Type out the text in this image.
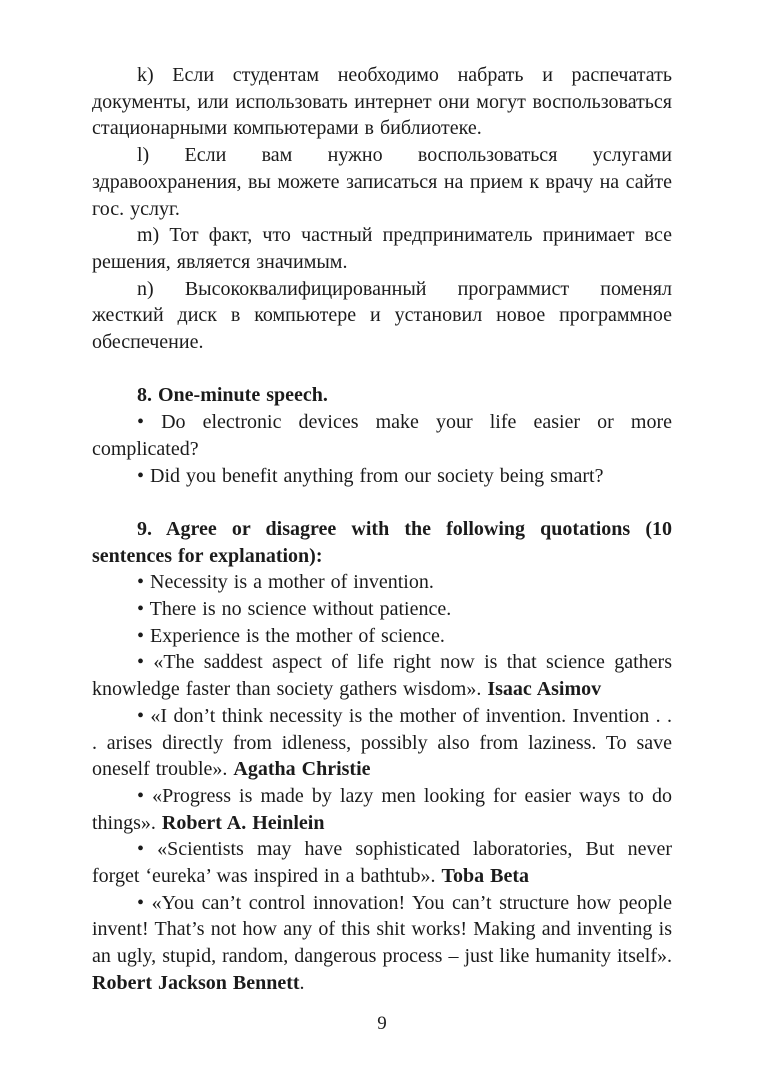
k) Если студентам необходимо набрать и распечатать документы, или использовать интернет они могут воспользоваться стационарными компьютерами в библиотеке.

l) Если вам нужно воспользоваться услугами здравоохранения, вы можете записаться на прием к врачу на сайте гос. услуг.

m) Тот факт, что частный предприниматель принимает все решения, является значимым.

n) Высококвалифицированный программист поменял жесткий диск в компьютере и установил новое программное обеспечение.

8. One-minute speech.

• Do electronic devices make your life easier or more complicated?

• Did you benefit anything from our society being smart?

9. Agree or disagree with the following quotations (10 sentences for explanation):

• Necessity is a mother of invention.

• There is no science without patience.

• Experience is the mother of science.

• «The saddest aspect of life right now is that science gathers knowledge faster than society gathers wisdom». Isaac Asimov

• «I don’t think necessity is the mother of invention. Invention . . . arises directly from idleness, possibly also from laziness. To save oneself trouble». Agatha Christie

• «Progress is made by lazy men looking for easier ways to do things». Robert A. Heinlein

• «Scientists may have sophisticated laboratories, But never forget ‘eureka’ was inspired in a bathtub». Toba Beta

• «You can’t control innovation! You can’t structure how people invent! That’s not how any of this shit works! Making and inventing is an ugly, stupid, random, dangerous process – just like humanity itself». Robert Jackson Bennett.

9
